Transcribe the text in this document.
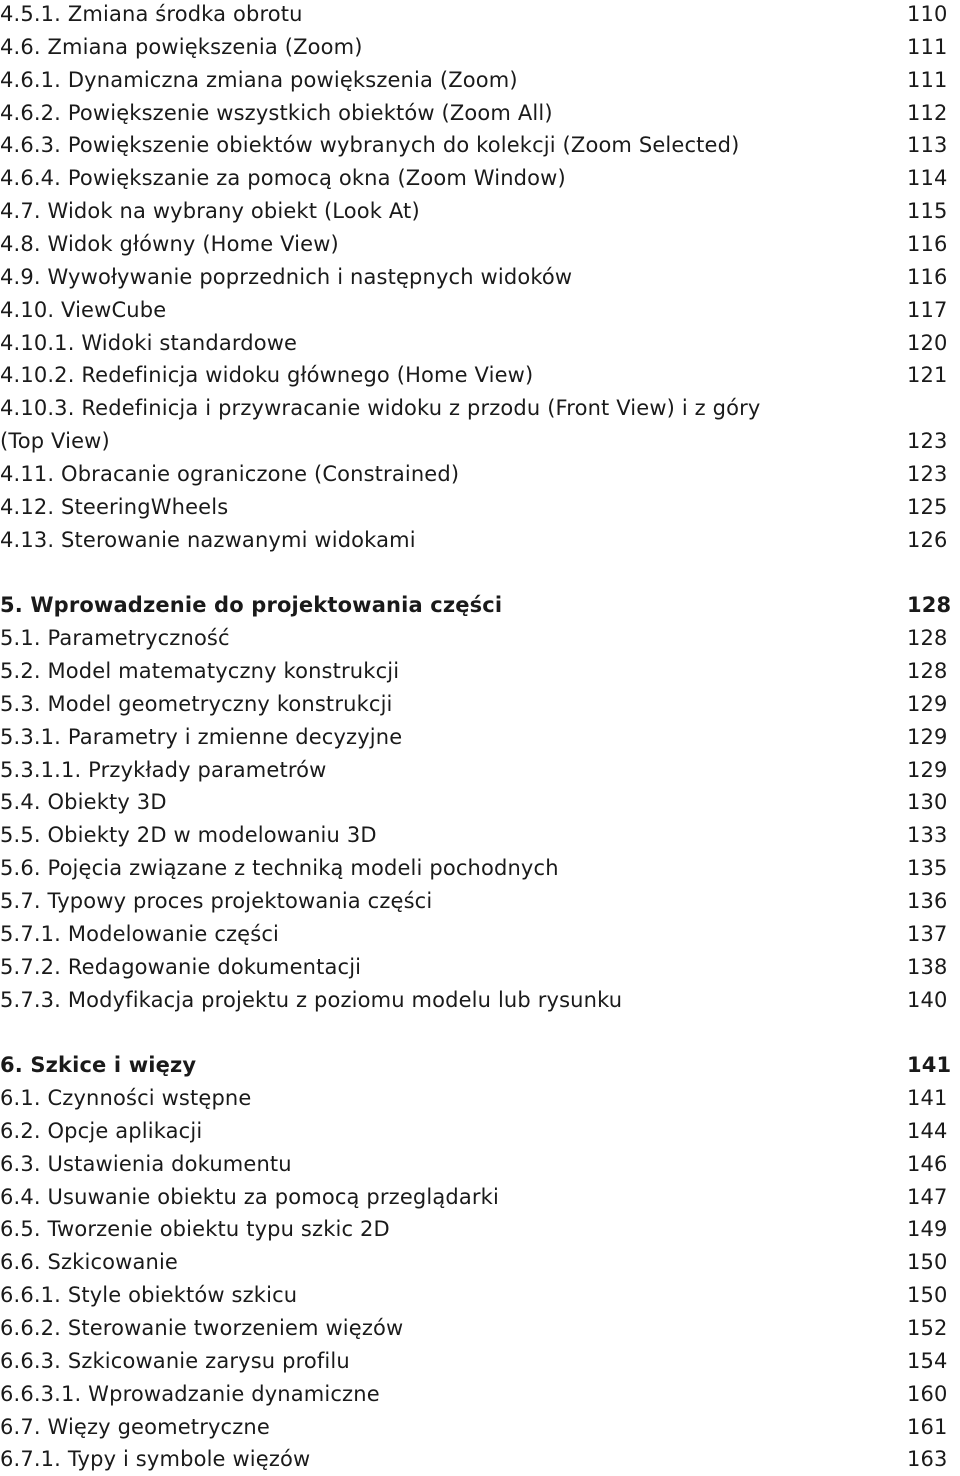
4.5.1. Zmiana środka obrotu	110
4.6. Zmiana powiększenia (Zoom)	111
4.6.1. Dynamiczna zmiana powiększenia (Zoom)	111
4.6.2. Powiększenie wszystkich obiektów (Zoom All)	112
4.6.3. Powiększenie obiektów wybranych do kolekcji (Zoom Selected)	113
4.6.4. Powiększanie za pomocą okna (Zoom Window)	114
4.7. Widok na wybrany obiekt (Look At)	115
4.8. Widok główny (Home View)	116
4.9. Wywoływanie poprzednich i następnych widoków	116
4.10. ViewCube	117
4.10.1. Widoki standardowe	120
4.10.2. Redefinicja widoku głównego (Home View)	121
4.10.3. Redefinicja i przywracanie widoku z przodu (Front View) i z góry
(Top View)	123
4.11. Obracanie ograniczone (Constrained)	123
4.12. SteeringWheels	125
4.13. Sterowanie nazwanymi widokami	126
5. Wprowadzenie do projektowania części	128
5.1. Parametryczność	128
5.2. Model matematyczny konstrukcji	128
5.3. Model geometryczny konstrukcji	129
5.3.1. Parametry i zmienne decyzyjne	129
5.3.1.1. Przykłady parametrów	129
5.4. Obiekty 3D	130
5.5. Obiekty 2D w modelowaniu 3D	133
5.6. Pojęcia związane z techniką modeli pochodnych	135
5.7. Typowy proces projektowania części	136
5.7.1. Modelowanie części	137
5.7.2. Redagowanie dokumentacji	138
5.7.3. Modyfikacja projektu z poziomu modelu lub rysunku	140
6. Szkice i więzy	141
6.1. Czynności wstępne	141
6.2. Opcje aplikacji	144
6.3. Ustawienia dokumentu	146
6.4. Usuwanie obiektu za pomocą przeglądarki	147
6.5. Tworzenie obiektu typu szkic 2D	149
6.6. Szkicowanie	150
6.6.1. Style obiektów szkicu	150
6.6.2. Sterowanie tworzeniem więzów	152
6.6.3. Szkicowanie zarysu profilu	154
6.6.3.1. Wprowadzanie dynamiczne	160
6.7. Więzy geometryczne	161
6.7.1. Typy i symbole więzów	163
